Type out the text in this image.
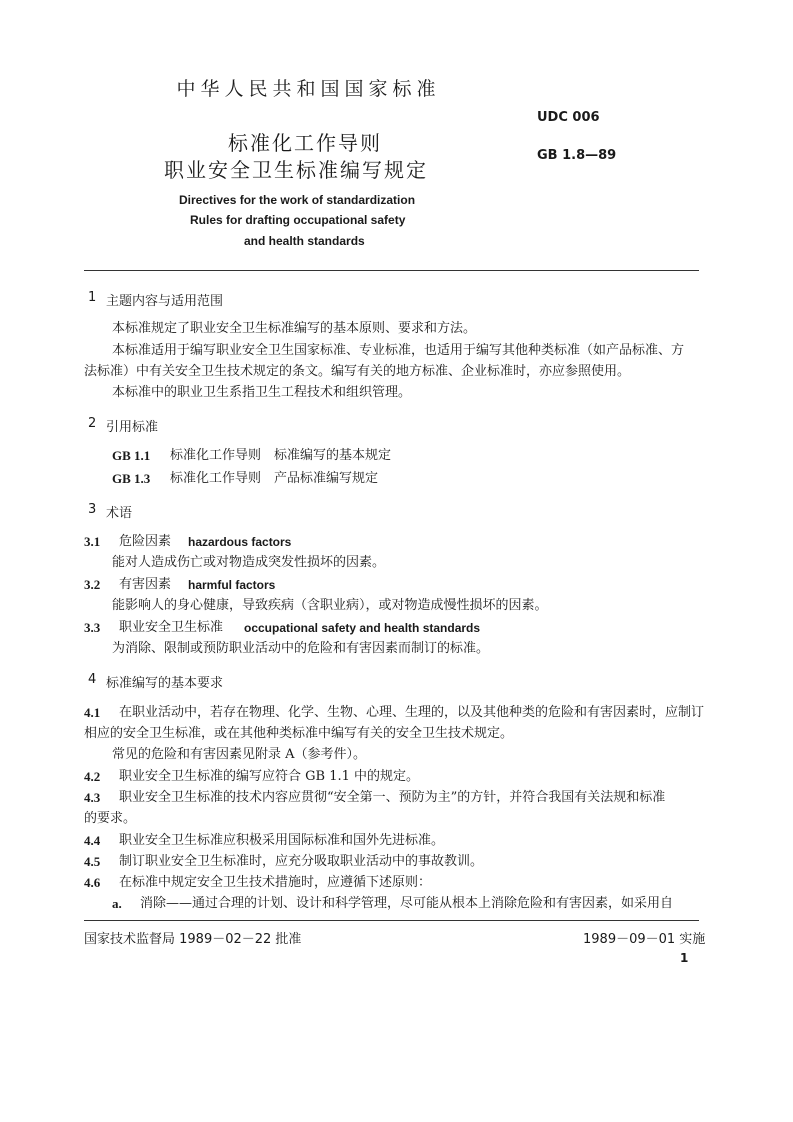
中华人民共和国国家标准
UDC 006
标准化工作导则
GB 1.8—89
职业安全卫生标准编写规定
Directives for the work of standardization
Rules for drafting occupational safety
and health standards
1 主题内容与适用范围
本标准规定了职业安全卫生标准编写的基本原则、要求和方法。
本标准适用于编写职业安全卫生国家标准、专业标准，也适用于编写其他种类标准（如产品标准、方
法标准）中有关安全卫生技术规定的条文。编写有关的地方标准、企业标准时，亦应参照使用。
本标准中的职业卫生系指卫生工程技术和组织管理。
2 引用标准
GB 1.1 标准化工作导则　标准编写的基本规定
GB 1.3 标准化工作导则　产品标准编写规定
3 术语
3.1 危险因素 hazardous factors
能对人造成伤亡或对物造成突发性损坏的因素。
3.2 有害因素 harmful factors
能影响人的身心健康，导致疾病（含职业病），或对物造成慢性损坏的因素。
3.3 职业安全卫生标准 occupational safety and health standards
为消除、限制或预防职业活动中的危险和有害因素而制订的标准。
4 标准编写的基本要求
4.1 在职业活动中，若存在物理、化学、生物、心理、生理的，以及其他种类的危险和有害因素时，应制订
相应的安全卫生标准，或在其他种类标准中编写有关的安全卫生技术规定。
常见的危险和有害因素见附录 A（参考件）。
4.2 职业安全卫生标准的编写应符合 GB 1.1 中的规定。
4.3 职业安全卫生标准的技术内容应贯彻“安全第一、预防为主”的方针，并符合我国有关法规和标准
的要求。
4.4 职业安全卫生标准应积极采用国际标准和国外先进标准。
4.5 制订职业安全卫生标准时，应充分吸取职业活动中的事故教训。
4.6 在标准中规定安全卫生技术措施时，应遵循下述原则：
a. 消除——通过合理的计划、设计和科学管理，尽可能从根本上消除危险和有害因素，如采用自
国家技术监督局 1989－02－22 批准	1989－09－01 实施
1
